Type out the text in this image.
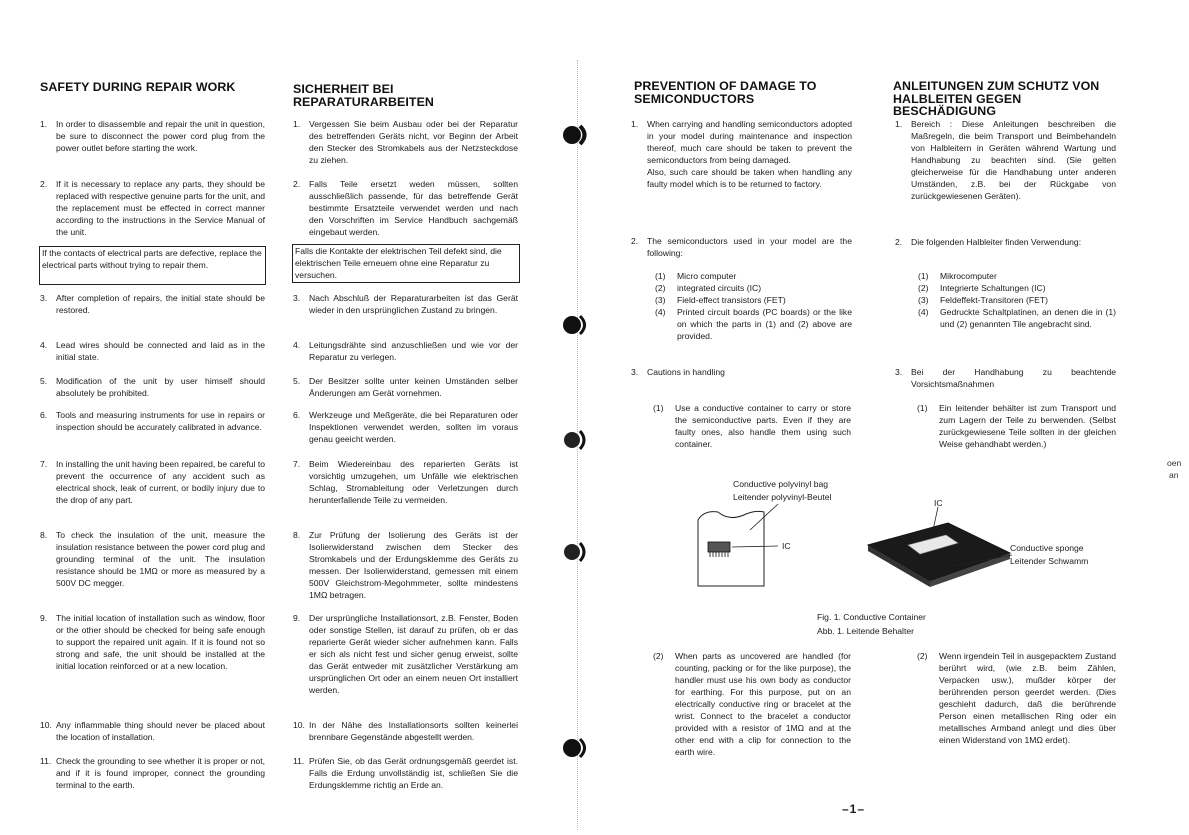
SAFETY DURING REPAIR WORK	SICHERHEIT BEI REPARATURARBEITEN
1. In order to disassemble and repair the unit in question, be sure to disconnect the power cord plug from the power outlet before starting the work.
2. If it is necessary to replace any parts, they should be replaced with respective genuine parts for the unit, and the replacement must be effected in correct manner according to the instructions in the Service Manual of the unit.
If the contacts of electrical parts are defective, replace the electrical parts without trying to repair them.
3. After completion of repairs, the initial state should be restored.
4. Lead wires should be connected and laid as in the initial state.
5. Modification of the unit by user himself should absolutely be prohibited.
6. Tools and measuring instruments for use in repairs or inspection should be accurately calibrated in advance.
7. In installing the unit having been repaired, be careful to prevent the occurrence of any accident such as electrical shock, leak of current, or bodily injury due to the drop of any part.
8. To check the insulation of the unit, measure the insulation resistance between the power cord plug and grounding terminal of the unit. The insulation resistance should be 1MΩ or more as measured by a 500V DC megger.
9. The initial location of installation such as window, floor or the other should be checked for being safe enough to support the repaired unit again. If it is found not so strong and safe, the unit should be installed at the initial location reinforced or at a new location.
10. Any inflammable thing should never be placed about the location of installation.
11. Check the grounding to see whether it is proper or not, and if it is found improper, connect the grounding terminal to the earth.
1. Vergessen Sie beim Ausbau oder bei der Reparatur des betreffenden Geräts nicht, vor Beginn der Arbeit den Stecker des Stromkabels aus der Netzsteckdose zu ziehen.
2. Falls Teile ersetzt weden müssen, sollten ausschließlich passende, für das betreffende Gerät bestimmte Ersatzteile verwendet werden und nach den Vorschriften im Service Handbuch sachgemäß eingebaut werden.
Falls die Kontakte der elektrischen Teil defekt sind, die elektrischen Teile erneuem ohne eine Reparatur zu versuchen.
3. Nach Abschluß der Reparaturarbeiten ist das Gerät wieder in den ursprünglichen Zustand zu bringen.
4. Leitungsdrähte sind anzuschließen und wie vor der Reparatur zu verlegen.
5. Der Besitzer sollte unter keinen Umständen selber Änderungen am Gerät vornehmen.
6. Werkzeuge und Meßgeräte, die bei Reparaturen oder Inspektionen verwendet werden, sollten im voraus genau geeicht werden.
7. Beim Wiedereinbau des reparierten Geräts ist vorsichtig umzugehen, um Unfälle wie elektrischen Schlag, Stromableitung oder Verletzungen durch herunterfallende Teile zu vermeiden.
8. Zur Prüfung der Isolierung des Geräts ist der Isolierwiderstand zwischen dem Stecker des Stromkabels und der Erdungsklemme des Geräts zu messen. Der Isolierwiderstand, gemessen mit einem 500V Gleichstrom-Megohmmeter, sollte mindestens 1MΩ betragen.
9. Der ursprüngliche Installationsort, z.B. Fenster, Boden oder sonstige Stellen, ist darauf zu prüfen, ob er das reparierte Gerät wieder sicher aufnehmen kann. Falls er sich als nicht fest und sicher genug erweist, sollte das Gerät entweder mit zusätzlicher Verstärkung am ursprünglichen Ort oder an einem neuen Ort installiert werden.
10. In der Nähe des Installationsorts sollten keinerlei brennbare Gegenstände abgestellt werden.
11. Prüfen Sie, ob das Gerät ordnungsgemäß geerdet ist. Falls die Erdung unvollständig ist, schließen Sie die Erdungsklemme richtig an Erde an.
PREVENTION OF DAMAGE TO SEMICONDUCTORS
ANLEITUNGEN ZUM SCHUTZ VON HALBLEITEN GEGEN BESCHÄDIGUNG
1. When carrying and handling semiconductors adopted in your model during maintenance and inspection thereof, much care should be taken to prevent the semiconductors from being damaged.
Also, such care should be taken when handling any faulty model which is to be returned to factory.
2. The semiconductors used in your model are the following:
(1) Micro computer
(2) integrated circuits (IC)
(3) Field-effect transistors (FET)
(4) Printed circuit boards (PC boards) or the like on which the parts in (1) and (2) above are provided.
3. Cautions in handling
(1) Use a conductive container to carry or store the semiconductive parts. Even if they are faulty ones, also handle them using such container.
1. Bereich : Diese Anleitungen beschreiben die Maßregeln, die beim Transport und Beimbehandeln von Halbleitern in Geräten während Wartung und Handhabung zu beachten sind. (Sie gelten gleicherweise für die Handhabung unter anderen Umständen, z.B. bei der Rückgabe von zurückgewiesenen Geräten).
2. Die folgenden Halbleiter finden Verwendung:
(1) Mikrocomputer
(2) Integrierte Schaltungen (IC)
(3) Feldeffekt-Transitoren (FET)
(4) Gedruckte Schaltplatinen, an denen die in (1) und (2) genannten Tile angebracht sind.
3. Bei der Handhabung zu beachtende Vorsichtsmaßnahmen
(1) Ein leitender behälter ist zum Transport und zum Lagern der Teile zu berwenden. (Selbst zurückgewiesene Teile sollten in der gleichen Weise gehandhabt werden.)
oen
an
Conductive polyvinyl bag
Leitender polyvinyl-Beutel
IC
IC
Conductive sponge
Leitender Schwamm
Fig. 1. Conductive Container
Abb. 1. Leitende Behalter
(2) When parts as uncovered are handled (for counting, packing or for the like purpose), the handler must use his own body as conductor for earthing. For this purpose, put on an electrically conductive ring or bracelet at the wrist. Connect to the bracelet a conductor provided with a resistor of 1MΩ and at the other end with a clip for connection to the earth wire.
(2) Wenn irgendein Teil in ausgepacktem Zustand berührt wird, (wie z.B. beim Zählen, Verpacken usw.), mußder körper der berührenden person geerdet werden. (Dies geschieht dadurch, daß die berührende Person einen metallischen Ring oder ein metallisches Armband anlegt und dies über einen Widerstand von 1MΩ erdet).
–1–
